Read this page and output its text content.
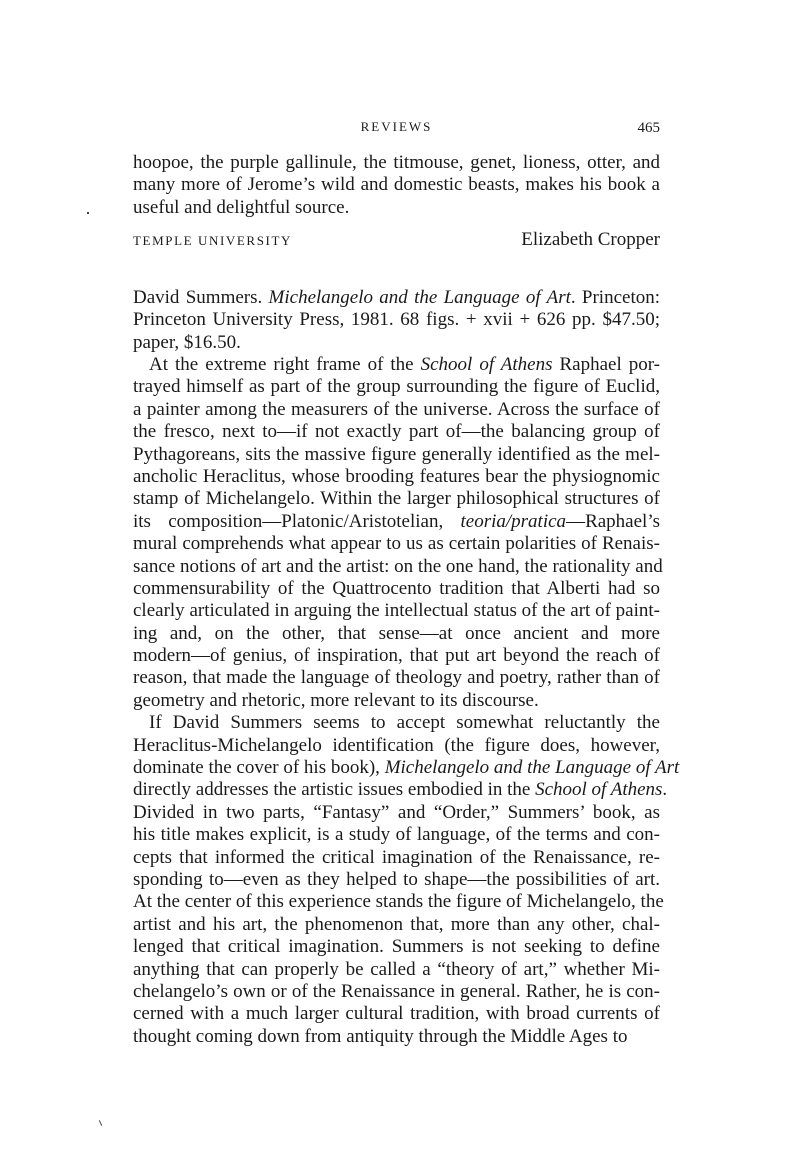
REVIEWS	465
hoopoe, the purple gallinule, the titmouse, genet, lioness, otter, and
many more of Jerome’s wild and domestic beasts, makes his book a
useful and delightful source.
TEMPLE UNIVERSITY	Elizabeth Cropper
David Summers. Michelangelo and the Language of Art. Princeton:
Princeton University Press, 1981. 68 figs. + xvii + 626 pp. $47.50;
paper, $16.50.
At the extreme right frame of the School of Athens Raphael por-
trayed himself as part of the group surrounding the figure of Euclid,
a painter among the measurers of the universe. Across the surface of
the fresco, next to—if not exactly part of—the balancing group of
Pythagoreans, sits the massive figure generally identified as the mel-
ancholic Heraclitus, whose brooding features bear the physiognomic
stamp of Michelangelo. Within the larger philosophical structures of
its composition—Platonic/Aristotelian, teoria/pratica—Raphael’s
mural comprehends what appear to us as certain polarities of Renais-
sance notions of art and the artist: on the one hand, the rationality and
commensurability of the Quattrocento tradition that Alberti had so
clearly articulated in arguing the intellectual status of the art of paint-
ing and, on the other, that sense—at once ancient and more
modern—of genius, of inspiration, that put art beyond the reach of
reason, that made the language of theology and poetry, rather than of
geometry and rhetoric, more relevant to its discourse.
If David Summers seems to accept somewhat reluctantly the
Heraclitus-Michelangelo identification (the figure does, however,
dominate the cover of his book), Michelangelo and the Language of Art
directly addresses the artistic issues embodied in the School of Athens.
Divided in two parts, “Fantasy” and “Order,” Summers’ book, as
his title makes explicit, is a study of language, of the terms and con-
cepts that informed the critical imagination of the Renaissance, re-
sponding to—even as they helped to shape—the possibilities of art.
At the center of this experience stands the figure of Michelangelo, the
artist and his art, the phenomenon that, more than any other, chal-
lenged that critical imagination. Summers is not seeking to define
anything that can properly be called a “theory of art,” whether Mi-
chelangelo’s own or of the Renaissance in general. Rather, he is con-
cerned with a much larger cultural tradition, with broad currents of
thought coming down from antiquity through the Middle Ages to
